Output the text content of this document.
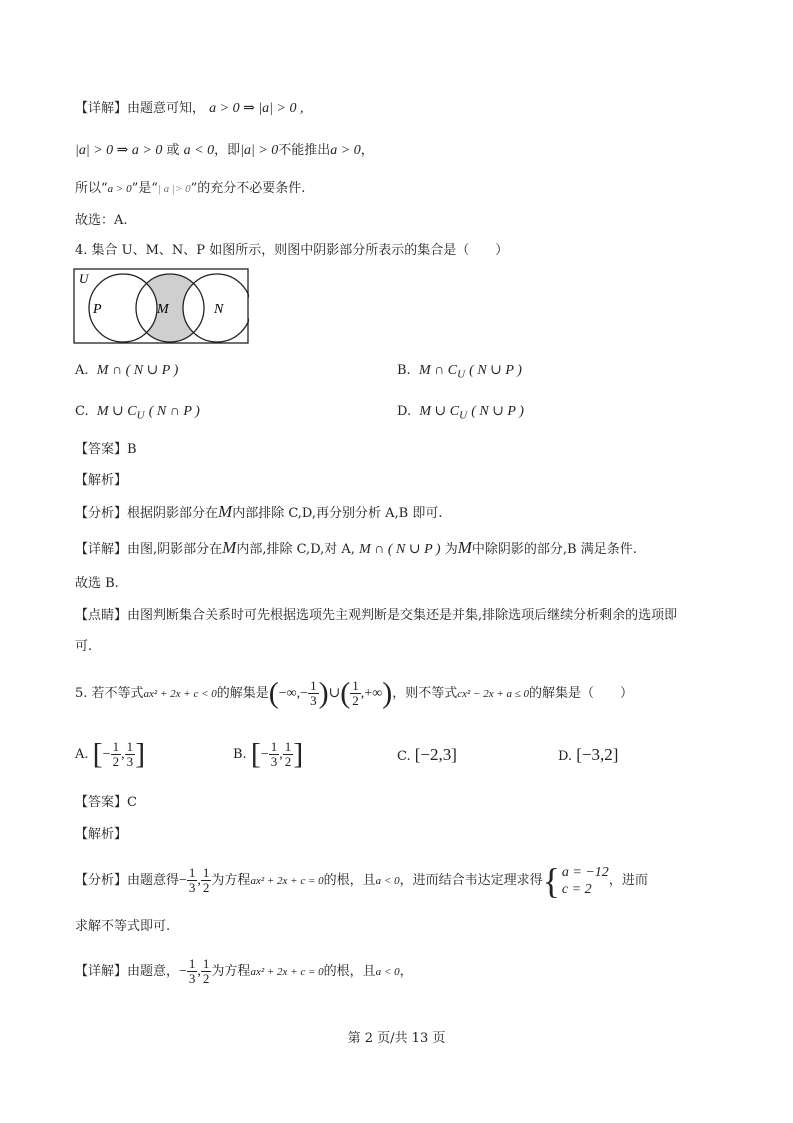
【详解】由题意可知， a > 0 ⇒ |a| > 0 ,
|a| > 0 ⇒ a > 0 或 a < 0，即|a| > 0不能推出a > 0，
所以“a > 0”是“| a |> 0”的充分不必要条件.
故选：A.
4. 集合 U、M、N、P 如图所示，则图中阴影部分所表示的集合是（　　）
U
P	M	N
A. M ∩ ( N ∪ P )	B. M ∩ $C_U$ ( N ∪ P )
C. M ∪ $C_U$ ( N ∩ P )	D. M ∪ $C_U$ ( N ∪ P )
【答案】B
【解析】
【分析】根据阴影部分在M内部排除 C,D,再分别分析 A,B 即可.
【详解】由图,阴影部分在M内部,排除 C,D,对 A, M ∩ ( N ∪ P ) 为M中除阴影的部分,B 满足条件.
故选 B.
【点睛】由图判断集合关系时可先根据选项先主观判断是交集还是并集,排除选项后继续分析剩余的选项即
可.
5. 若不等式ax² + 2x + c < 0的解集是(−∞,− $\frac{1}{3}$ )∪( $\frac{1}{2}$ ,+∞)，则不等式cx² − 2x + a ≤ 0的解集是（　　）
A. [− $\frac{1}{2}$ , $\frac{1}{3}$ ]	B. [− $\frac{1}{3}$ , $\frac{1}{2}$ ]	C. [−2,3]	D. [−3,2]
【答案】C
【解析】
【分析】由题意得− $\frac{1}{3}$ , $\frac{1}{2}$ 为方程ax² + 2x + c = 0的根，且a < 0，进而结合韦达定理求得 { a = −12
c = 2
，进而
求解不等式即可.
【详解】由题意，− $\frac{1}{3}$ , $\frac{1}{2}$ 为方程ax² + 2x + c = 0的根，且a < 0，
第 2 页/共 13 页
